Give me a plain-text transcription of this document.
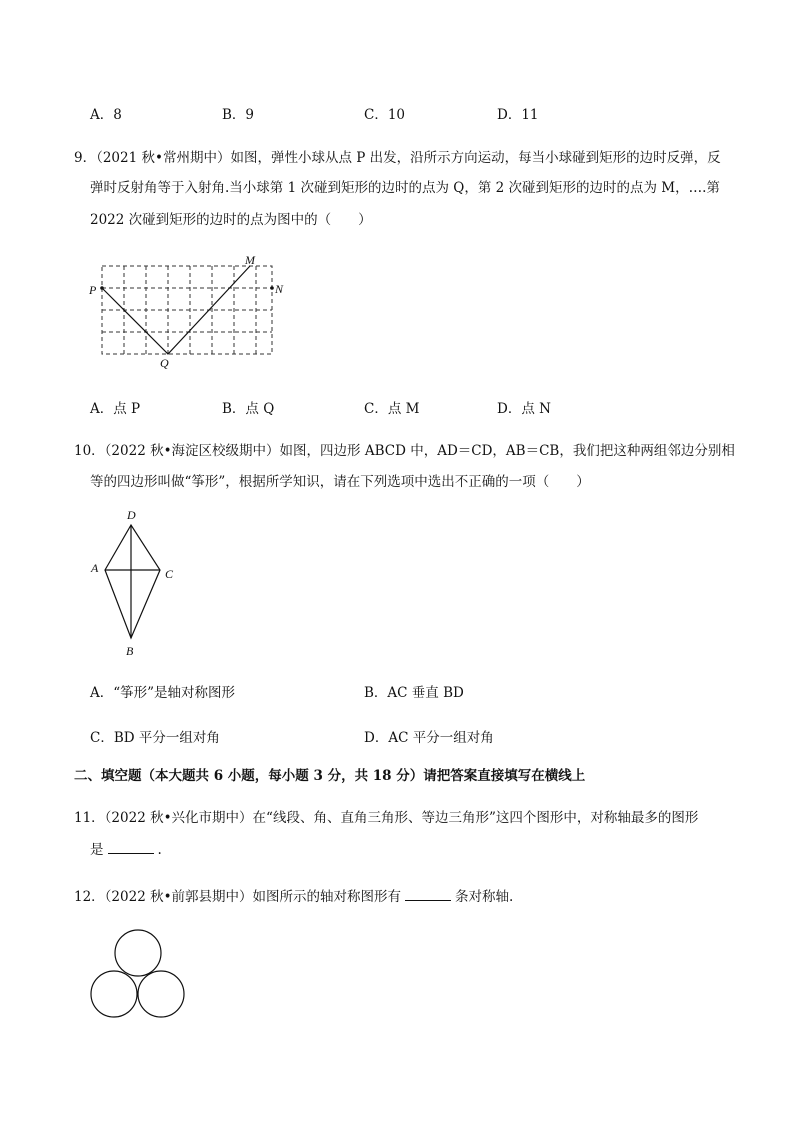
A．8	B．9	C．10	D．11
9．（2021 秋•常州期中）如图，弹性小球从点 P 出发，沿所示方向运动，每当小球碰到矩形的边时反弹，反
弹时反射角等于入射角.当小球第 1 次碰到矩形的边时的点为 Q，第 2 次碰到矩形的边时的点为 M，….第
2022 次碰到矩形的边时的点为图中的（　　）
P
Q
M
N
A．点 P	B．点 Q	C．点 M	D．点 N
10．（2022 秋•海淀区校级期中）如图，四边形 ABCD 中，AD＝CD，AB＝CB，我们把这种两组邻边分别相
等的四边形叫做“筝形”，根据所学知识，请在下列选项中选出不正确的一项（　　）
D
A	C
B
A．“筝形”是轴对称图形	B．AC 垂直 BD
C．BD 平分一组对角	D．AC 平分一组对角
二、填空题（本大题共 6 小题，每小题 3 分，共 18 分）请把答案直接填写在横线上
11．（2022 秋•兴化市期中）在“线段、角、直角三角形、等边三角形”这四个图形中，对称轴最多的图形
是	.
12．（2022 秋•前郭县期中）如图所示的轴对称图形有	条对称轴.
